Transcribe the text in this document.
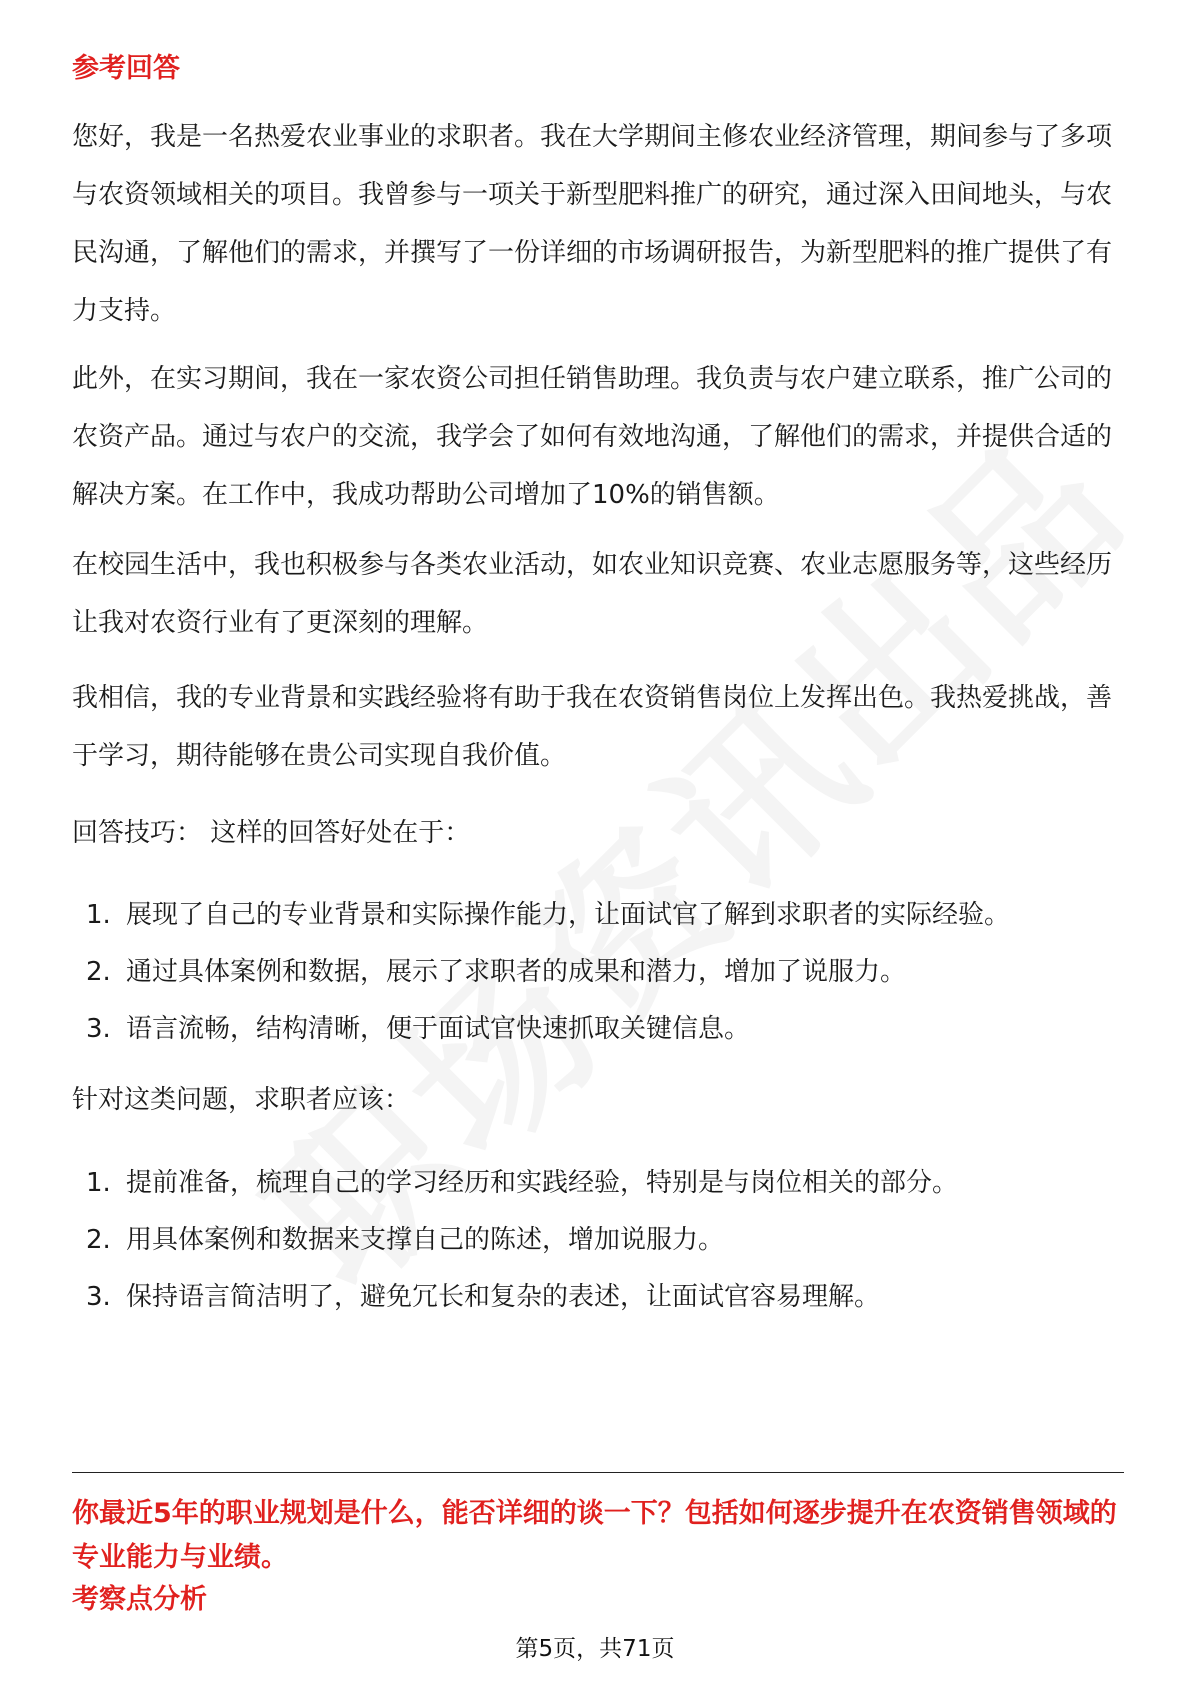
参考回答

您好，我是一名热爱农业事业的求职者。我在大学期间主修农业经济管理，期间参与了多项与农资领域相关的项目。我曾参与一项关于新型肥料推广的研究，通过深入田间地头，与农民沟通，了解他们的需求，并撰写了一份详细的市场调研报告，为新型肥料的推广提供了有力支持。

此外，在实习期间，我在一家农资公司担任销售助理。我负责与农户建立联系，推广公司的农资产品。通过与农户的交流，我学会了如何有效地沟通，了解他们的需求，并提供合适的解决方案。在工作中，我成功帮助公司增加了10%的销售额。

在校园生活中，我也积极参与各类农业活动，如农业知识竞赛、农业志愿服务等，这些经历让我对农资行业有了更深刻的理解。

我相信，我的专业背景和实践经验将有助于我在农资销售岗位上发挥出色。我热爱挑战，善于学习，期待能够在贵公司实现自我价值。

回答技巧： 这样的回答好处在于：

1. 展现了自己的专业背景和实际操作能力，让面试官了解到求职者的实际经验。
2. 通过具体案例和数据，展示了求职者的成果和潜力，增加了说服力。
3. 语言流畅，结构清晰，便于面试官快速抓取关键信息。

针对这类问题，求职者应该：

1. 提前准备，梳理自己的学习经历和实践经验，特别是与岗位相关的部分。
2. 用具体案例和数据来支撑自己的陈述，增加说服力。
3. 保持语言简洁明了，避免冗长和复杂的表述，让面试官容易理解。

你最近5年的职业规划是什么，能否详细的谈一下？包括如何逐步提升在农资销售领域的专业能力与业绩。

考察点分析
第5页，共71页
